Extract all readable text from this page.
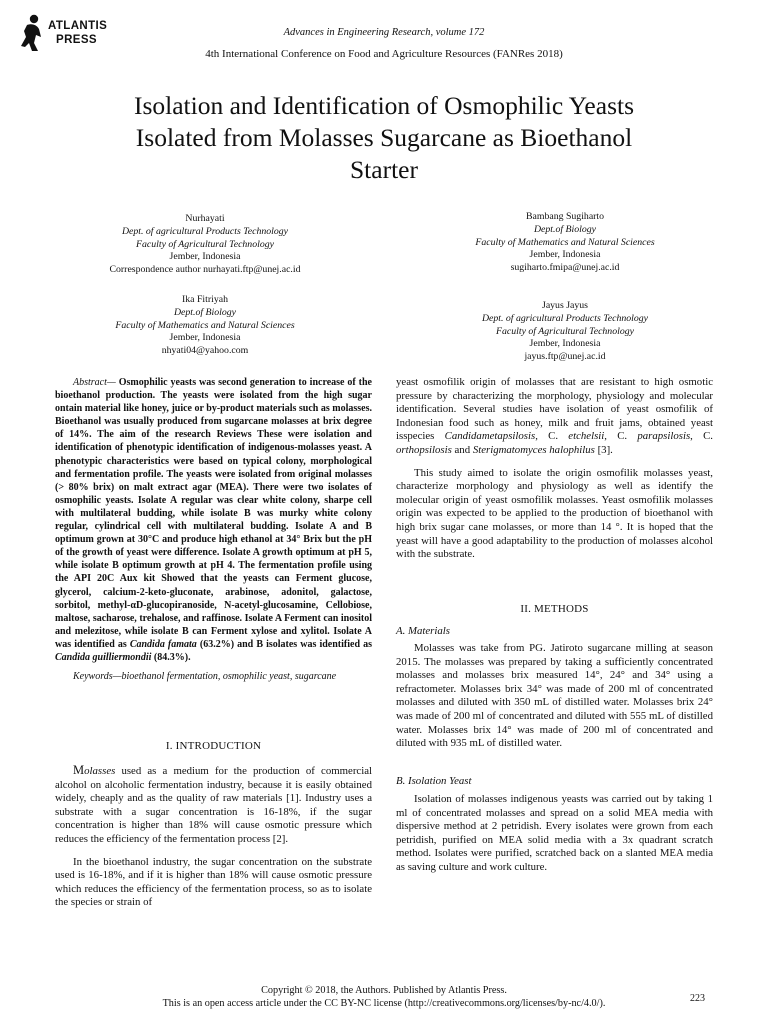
ATLANTIS
PRESS
Advances in Engineering Research, volume 172
4th International Conference on Food and Agriculture Resources (FANRes 2018)
Isolation and Identification of Osmophilic Yeasts
Isolated from Molasses Sugarcane as Bioethanol
Starter
Nurhayati
Dept. of agricultural Products Technology
Faculty of Agricultural Technology
Jember, Indonesia
Correspondence author nurhayati.ftp@unej.ac.id
Bambang Sugiharto
Dept.of Biology
Faculty of Mathematics and Natural Sciences
Jember, Indonesia
sugiharto.fmipa@unej.ac.id
Ika Fitriyah
Dept.of Biology
Faculty of Mathematics and Natural Sciences
Jember, Indonesia
nhyati04@yahoo.com
Jayus Jayus
Dept. of agricultural Products Technology
Faculty of Agricultural Technology
Jember, Indonesia
jayus.ftp@unej.ac.id

Abstract— Osmophilic yeasts was second generation to increase of the bioethanol production. The yeasts were isolated from the high sugar ontain material like honey, juice or by-product materials such as molasses. Bioethanol was usually produced from sugarcane molasses at brix degree of 14%. The aim of the research Reviews These were isolation and identification of phenotypic identification of indigenous-molasses yeast. A phenotypic characteristics were based on typical colony, morphological and fermentation profile. The yeasts were isolated from original molasses (> 80% brix) on malt extract agar (MEA). There were two isolates of osmophilic yeasts. Isolate A regular was clear white colony, sharpe cell with multilateral budding, while isolate B was murky white colony regular, cylindrical cell with multilateral budding. Isolate A and B optimum grown at 30°C and produce high ethanol at 34° Brix but the pH of the growth of yeast were difference. Isolate A growth optimum at pH 5, while isolate B optimum growth at pH 4. The fermentation profile using the API 20C Aux kit Showed that the yeasts can Ferment glucose, glycerol, calcium-2-keto-gluconate, arabinose, adonitol, galactose, sorbitol, methyl-αD-glucopiranoside, N-acetyl-glucosamine, Cellobiose, maltose, sacharose, trehalose, and raffinose. Isolate A Ferment can inositol and melezitose, while isolate B can Ferment xylose and xylitol. Isolate A was identified as Candida famata (63.2%) and B isolates was identified as Candida guilliermondii (84.3%).

Keywords—bioethanol fermentation, osmophilic yeast, sugarcane

I. INTRODUCTION

Molasses used as a medium for the production of commercial alcohol on alcoholic fermentation industry, because it is easily obtained widely, cheaply and as the quality of raw materials [1]. Industry uses a substrate with a sugar concentration is 16-18%, if the sugar concentration is higher than 18% will cause osmotic pressure which reduces the efficiency of the fermentation process [2].

In the bioethanol industry, the sugar concentration on the substrate used is 16-18%, and if it is higher than 18% will cause osmotic pressure which reduces the efficiency of the fermentation process, so as to isolate the species or strain of

yeast osmofilik origin of molasses that are resistant to high osmotic pressure by characterizing the morphology, physiology and molecular identification. Several studies have isolation of yeast osmofilik of Indonesian food such as honey, milk and fruit jams, obtained yeast isspecies Candidametapsilosis, C. etchelsii, C. parapsilosis, C. orthopsilosis and Sterigmatomyces halophilus [3].

This study aimed to isolate the origin osmofilik molasses yeast, characterize morphology and physiology as well as identify the molecular origin of yeast osmofilik molasses. Yeast osmofilik molasses origin was expected to be applied to the production of bioethanol with high brix sugar cane molasses, or more than 14 °. It is hoped that the yeast will have a good adaptability to the production of molasses alcohol with the substrate.

II. METHODS
A. Materials

Molasses was take from PG. Jatiroto sugarcane milling at season 2015. The molasses was prepared by taking a sufficiently concentrated molasses and molasses brix measured 14°, 24° and 34° using a refractometer. Molasses brix 34° was made of 200 ml of concentrated molasses and diluted with 350 mL of distilled water. Molasses brix 24° was made of 200 ml of concentrated and diluted with 555 mL of distilled water. Molasses brix 14° was made of 200 ml of concentrated and diluted with 935 mL of distilled water.

B. Isolation Yeast

Isolation of molasses indigenous yeasts was carried out by taking 1 ml of concentrated molasses and spread on a solid MEA media with dispersive method at 2 petridish. Every isolates were grown from each petridish, purified on MEA solid media with a 3x quadrant scratch method. Isolates were purified, scratched back on a slanted MEA media as saving culture and work culture.

Copyright © 2018, the Authors. Published by Atlantis Press.
This is an open access article under the CC BY-NC license (http://creativecommons.org/licenses/by-nc/4.0/).	223
